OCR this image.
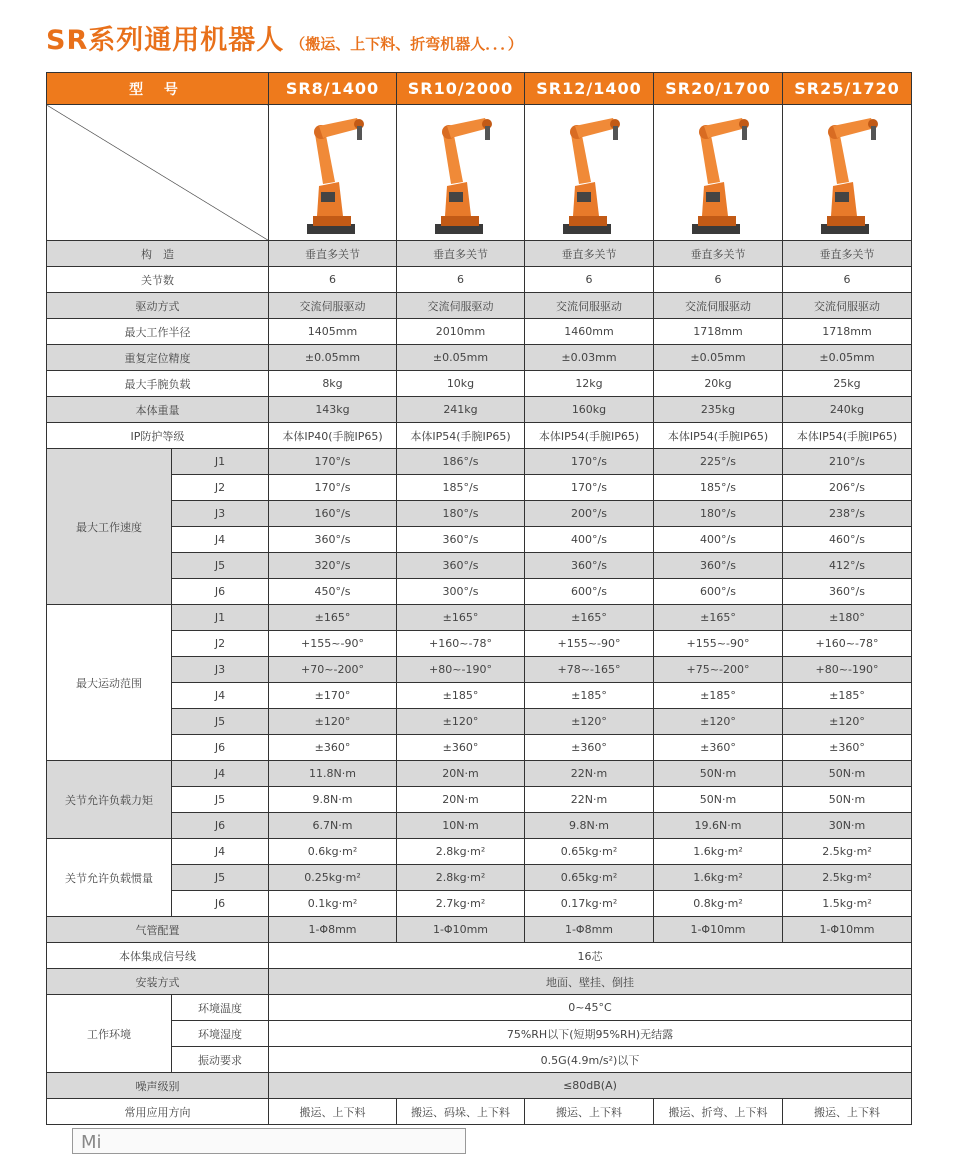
SR系列通用机器人 （搬运、上下料、折弯机器人．．．）
型 号		SR8/1400	SR10/2000	SR12/1400	SR20/1700	SR25/1720

构　造		垂直多关节	垂直多关节	垂直多关节	垂直多关节	垂直多关节
关节数		6	6	6	6	6
驱动方式		交流伺服驱动	交流伺服驱动	交流伺服驱动	交流伺服驱动	交流伺服驱动
最大工作半径		1405mm	2010mm	1460mm	1718mm	1718mm
重复定位精度		±0.05mm	±0.05mm	±0.03mm	±0.05mm	±0.05mm
最大手腕负载		8kg	10kg	12kg	20kg	25kg
本体重量		143kg	241kg	160kg	235kg	240kg
IP防护等级		本体IP40(手腕IP65)	本体IP54(手腕IP65)	本体IP54(手腕IP65)	本体IP54(手腕IP65)	本体IP54(手腕IP65)
最大工作速度	J1	170°/s	186°/s	170°/s	225°/s	210°/s
	J2	170°/s	185°/s	170°/s	185°/s	206°/s
	J3	160°/s	180°/s	200°/s	180°/s	238°/s
	J4	360°/s	360°/s	400°/s	400°/s	460°/s
	J5	320°/s	360°/s	360°/s	360°/s	412°/s
	J6	450°/s	300°/s	600°/s	600°/s	360°/s
最大运动范围	J1	±165°	±165°	±165°	±165°	±180°
	J2	+155~-90°	+160~-78°	+155~-90°	+155~-90°	+160~-78°
	J3	+70~-200°	+80~-190°	+78~-165°	+75~-200°	+80~-190°
	J4	±170°	±185°	±185°	±185°	±185°
	J5	±120°	±120°	±120°	±120°	±120°
	J6	±360°	±360°	±360°	±360°	±360°
关节允许负载力矩	J4	11.8N·m	20N·m	22N·m	50N·m	50N·m
	J5	9.8N·m	20N·m	22N·m	50N·m	50N·m
	J6	6.7N·m	10N·m	9.8N·m	19.6N·m	30N·m
关节允许负载惯量	J4	0.6kg·m²	2.8kg·m²	0.65kg·m²	1.6kg·m²	2.5kg·m²
	J5	0.25kg·m²	2.8kg·m²	0.65kg·m²	1.6kg·m²	2.5kg·m²
	J6	0.1kg·m²	2.7kg·m²	0.17kg·m²	0.8kg·m²	1.5kg·m²
气管配置		1-Φ8mm	1-Φ10mm	1-Φ8mm	1-Φ10mm	1-Φ10mm
本体集成信号线		16芯				
安装方式		地面、壁挂、倒挂				
工作环境	环境温度	0~45°C				
	环境湿度	75%RH以下(短期95%RH)无结露				
	振动要求	0.5G(4.9m/s²)以下				
噪声级别		≤80dB(A)				
常用应用方向		搬运、上下料	搬运、码垛、上下料	搬运、上下料	搬运、折弯、上下料	搬运、上下料
Mi
